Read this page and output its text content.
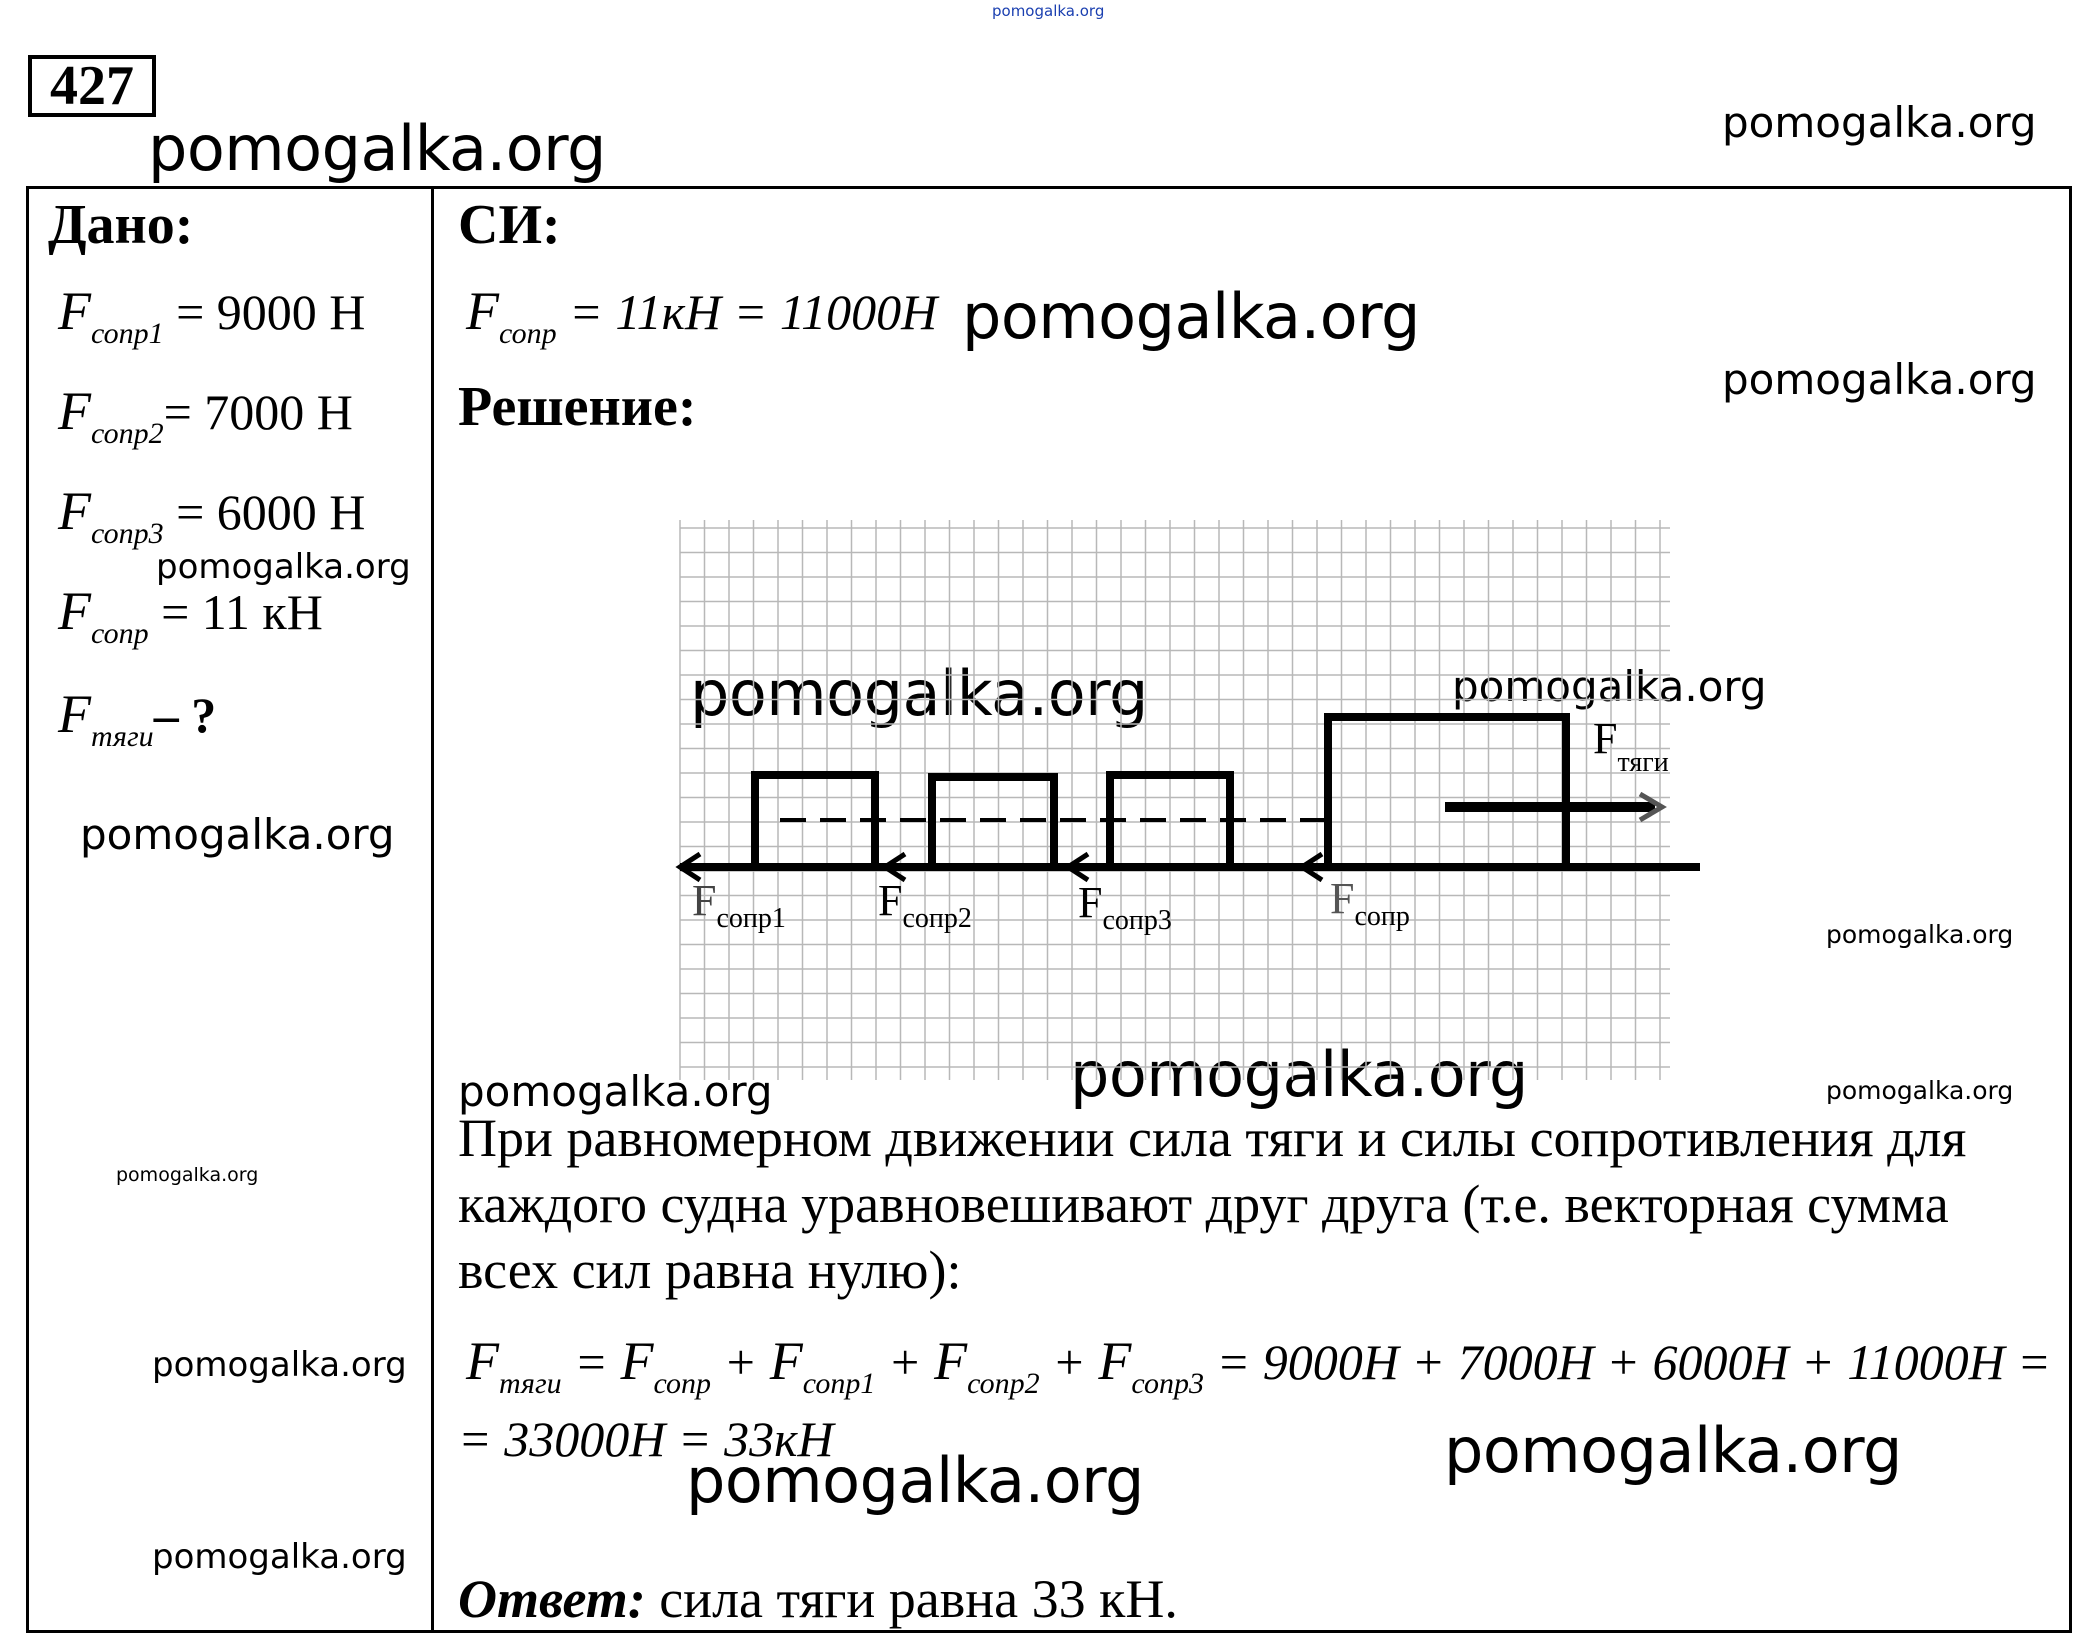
pomogalka.org
pomogalka.org	pomogalka.org
pomogalka.org
pomogalka.org
pomogalka.org
pomogalka.org	pomogalka.org
pomogalka.org
pomogalka.org
pomogalka.org
pomogalka.org	pomogalka.org
pomogalka.org
pomogalka.org
pomogalka.org
pomogalka.org
pomogalka.org
427
Дано:
$F_{сопр1} = 9000$ Н
$F_{сопр2}= 7000$ Н
$F_{сопр3} = 6000$ Н
$F_{сопр} = 11$ кН
$F_{тяги}-$ ?
СИ:
$F_{сопр} = 11кН = 11000Н$
Решение:
$F_{тяги}$
$F_{сопр1}$ $F_{сопр2}$ $F_{сопр3}$	$F_{сопр}$
При равномерном движении сила тяги и силы сопротивления для каждого судна уравновешивают друг друга (т.е. векторная сумма всех сил равна нулю):
$F_{тяги} = F_{сопр} + F_{сопр1} + F_{сопр2} + F_{сопр3} = 9000Н + 7000Н + 6000Н + 11000Н$ =
= 33000Н = 33кН
Ответ: сила тяги равна 33 кН.
